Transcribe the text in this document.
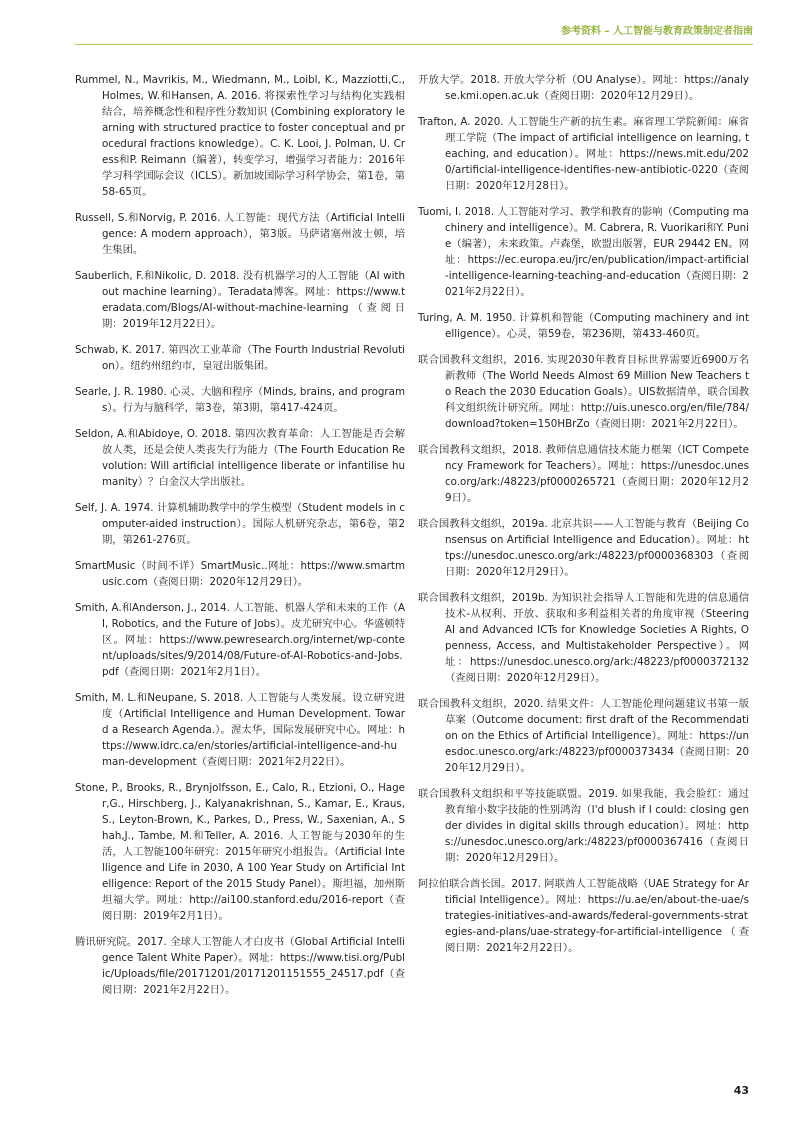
参考资料 – 人工智能与教育政策制定者指南

Rummel, N., Mavrikis, M., Wiedmann, M., Loibl, K., Mazziotti,C., Holmes, W.和Hansen, A. 2016. 将探索性学习与结构化实践相结合，培养概念性和程序性分数知识 (Combining exploratory learning with structured practice to foster conceptual and procedural fractions knowledge）。C. K. Looi, J. Polman, U. Cress和P. Reimann（编著），转变学习，增强学习者能力：2016年学习科学国际会议（ICLS）。新加坡国际学习科学协会，第1卷，第58-65页。

Russell, S.和Norvig, P. 2016. 人工智能：现代方法（Artificial Intelligence: A modern approach），第3版。马萨诸塞州波士顿，培生集团。

Sauberlich, F.和Nikolic, D. 2018. 没有机器学习的人工智能（AI without machine learning）。Teradata博客。网址：https://www.teradata.com/Blogs/AI-without-machine-learning（查阅日期：2019年12月22日）。

Schwab, K. 2017. 第四次工业革命（The Fourth Industrial Revolution）。纽约州纽约市，皇冠出版集团。

Searle, J. R. 1980. 心灵、大脑和程序（Minds, brains, and programs）。行为与脑科学，第3卷，第3期，第417-424页。

Seldon, A.和Abidoye, O. 2018. 第四次教育革命：人工智能是否会解放人类，还是会使人类丧失行为能力（The Fourth Education Revolution: Will artificial intelligence liberate or infantilise humanity）？白金汉大学出版社。

Self, J. A. 1974. 计算机辅助教学中的学生模型（Student models in computer-aided instruction）。国际人机研究杂志，第6卷，第2期，第261-276页。

SmartMusic（时间不详）SmartMusic..网址：https://www.smartmusic.com（查阅日期：2020年12月29日）。

Smith, A.和Anderson, J., 2014. 人工智能、机器人学和未来的工作（AI, Robotics, and the Future of Jobs）。皮尤研究中心。华盛顿特区。网址：https://www.pewresearch.org/internet/wp-content/uploads/sites/9/2014/08/Future-of-AI-Robotics-and-Jobs.pdf（查阅日期：2021年2月1日）。

Smith, M. L.和Neupane, S. 2018. 人工智能与人类发展。设立研究进度（Artificial Intelligence and Human Development. Toward a Research Agenda.）。渥太华，国际发展研究中心。网址：https://www.idrc.ca/en/stories/artificial-intelligence-and-human-development（查阅日期：2021年2月22日）。

Stone, P., Brooks, R., Brynjolfsson, E., Calo, R., Etzioni, O., Hager,G., Hirschberg, J., Kalyanakrishnan, S., Kamar, E., Kraus, S., Leyton-Brown, K., Parkes, D., Press, W., Saxenian, A., Shah,J., Tambe, M.和Teller, A. 2016. 人工智能与2030年的生活，人工智能100年研究：2015年研究小组报告。（Artificial Intelligence and Life in 2030, A 100 Year Study on Artificial Intelligence: Report of the 2015 Study Panel）。斯坦福，加州斯坦福大学。网址：http://ai100.stanford.edu/2016-report（查阅日期：2019年2月1日）。

腾讯研究院。2017. 全球人工智能人才白皮书（Global Artificial Intelligence Talent White Paper）。网址：https://www.tisi.org/Public/Uploads/file/20171201/20171201151555_24517.pdf（查阅日期：2021年2月22日）。

开放大学。2018. 开放大学分析（OU Analyse）。网址：https://analyse.kmi.open.ac.uk（查阅日期：2020年12月29日）。

Trafton, A. 2020. 人工智能生产新的抗生素。麻省理工学院新闻：麻省理工学院（The impact of artificial intelligence on learning, teaching, and education）。网址：https://news.mit.edu/2020/artificial-intelligence-identifies-new-antibiotic-0220（查阅日期：2020年12月28日）。

Tuomi, I. 2018. 人工智能对学习、教学和教育的影响（Computing machinery and intelligence）。M. Cabrera, R. Vuorikari和Y. Punie（编著），未来政策。卢森堡，欧盟出版署，EUR 29442 EN。网址：https://ec.europa.eu/jrc/en/publication/impact-artificial-intelligence-learning-teaching-and-education（查阅日期：2021年2月22日）。

Turing, A. M. 1950. 计算机和智能（Computing machinery and intelligence）。心灵，第59卷，第236期，第433-460页。

联合国教科文组织，2016. 实现2030年教育目标世界需要近6900万名新教师（The World Needs Almost 69 Million New Teachers to Reach the 2030 Education Goals）。UIS数据清单，联合国教科文组织统计研究所。网址：http://uis.unesco.org/en/file/784/download?token=150HBrZo（查阅日期：2021年2月22日）。

联合国教科文组织，2018. 教师信息通信技术能力框架（ICT Competency Framework for Teachers）。网址：https://unesdoc.unesco.org/ark:/48223/pf0000265721（查阅日期：2020年12月29日）。

联合国教科文组织，2019a. 北京共识——人工智能与教育（Beijing Consensus on Artificial Intelligence and Education）。网址：https://unesdoc.unesco.org/ark:/48223/pf0000368303（查阅日期：2020年12月29日）。

联合国教科文组织，2019b. 为知识社会指导人工智能和先进的信息通信技术-从权利、开放、获取和多利益相关者的角度审视（Steering AI and Advanced ICTs for Knowledge Societies A Rights, Openness, Access, and Multistakeholder Perspective）。网址：https://unesdoc.unesco.org/ark:/48223/pf0000372132（查阅日期：2020年12月29日）。

联合国教科文组织，2020. 结果文件：人工智能伦理问题建议书第一版草案（Outcome document: first draft of the Recommendation on the Ethics of Artificial Intelligence）。网址：https://unesdoc.unesco.org/ark:/48223/pf0000373434（查阅日期：2020年12月29日）。

联合国教科文组织和平等技能联盟。2019. 如果我能，我会脸红：通过教育缩小数字技能的性别鸿沟（I'd blush if I could: closing gender divides in digital skills through education）。网址：https://unesdoc.unesco.org/ark:/48223/pf0000367416（查阅日期：2020年12月29日）。

阿拉伯联合酋长国。2017. 阿联酋人工智能战略（UAE Strategy for Artificial Intelligence）。网址：https://u.ae/en/about-the-uae/strategies-initiatives-and-awards/federal-governments-strategies-and-plans/uae-strategy-for-artificial-intelligence（查阅日期：2021年2月22日）。

43
